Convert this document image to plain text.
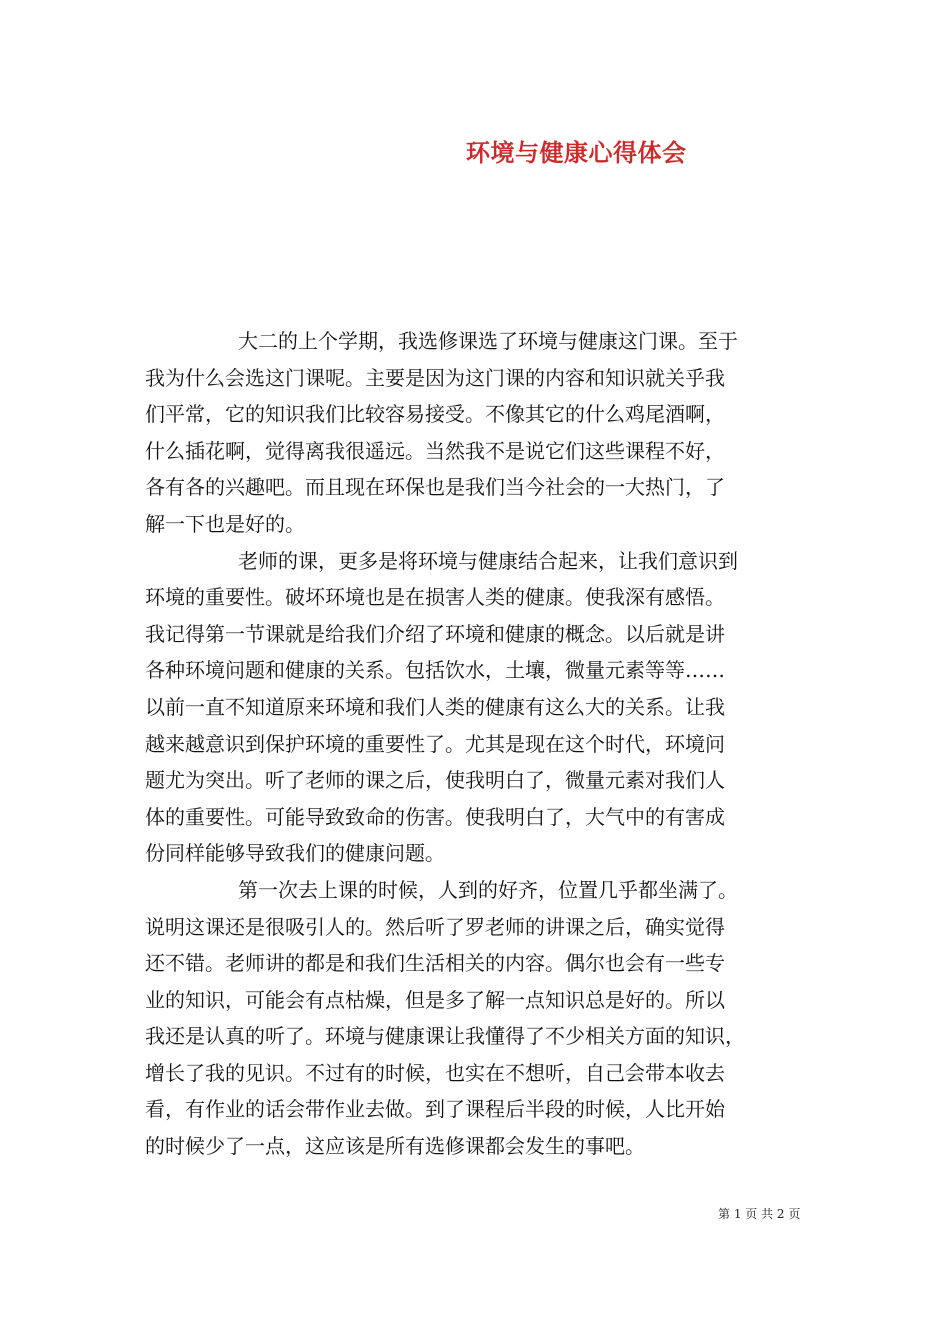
环境与健康心得体会

大二的上个学期，我选修课选了环境与健康这门课。至于
我为什么会选这门课呢。主要是因为这门课的内容和知识就关乎我
们平常，它的知识我们比较容易接受。不像其它的什么鸡尾酒啊，
什么插花啊，觉得离我很遥远。当然我不是说它们这些课程不好，
各有各的兴趣吧。而且现在环保也是我们当今社会的一大热门，了
解一下也是好的。

老师的课，更多是将环境与健康结合起来，让我们意识到
环境的重要性。破坏环境也是在损害人类的健康。使我深有感悟。
我记得第一节课就是给我们介绍了环境和健康的概念。以后就是讲
各种环境问题和健康的关系。包括饮水，土壤，微量元素等等……
以前一直不知道原来环境和我们人类的健康有这么大的关系。让我
越来越意识到保护环境的重要性了。尤其是现在这个时代，环境问
题尤为突出。听了老师的课之后，使我明白了，微量元素对我们人
体的重要性。可能导致致命的伤害。使我明白了，大气中的有害成
份同样能够导致我们的健康问题。

第一次去上课的时候，人到的好齐，位置几乎都坐满了。
说明这课还是很吸引人的。然后听了罗老师的讲课之后，确实觉得
还不错。老师讲的都是和我们生活相关的内容。偶尔也会有一些专
业的知识，可能会有点枯燥，但是多了解一点知识总是好的。所以
我还是认真的听了。环境与健康课让我懂得了不少相关方面的知识，
增长了我的见识。不过有的时候，也实在不想听，自己会带本收去
看，有作业的话会带作业去做。到了课程后半段的时候，人比开始
的时候少了一点，这应该是所有选修课都会发生的事吧。

第 1 页 共 2 页
